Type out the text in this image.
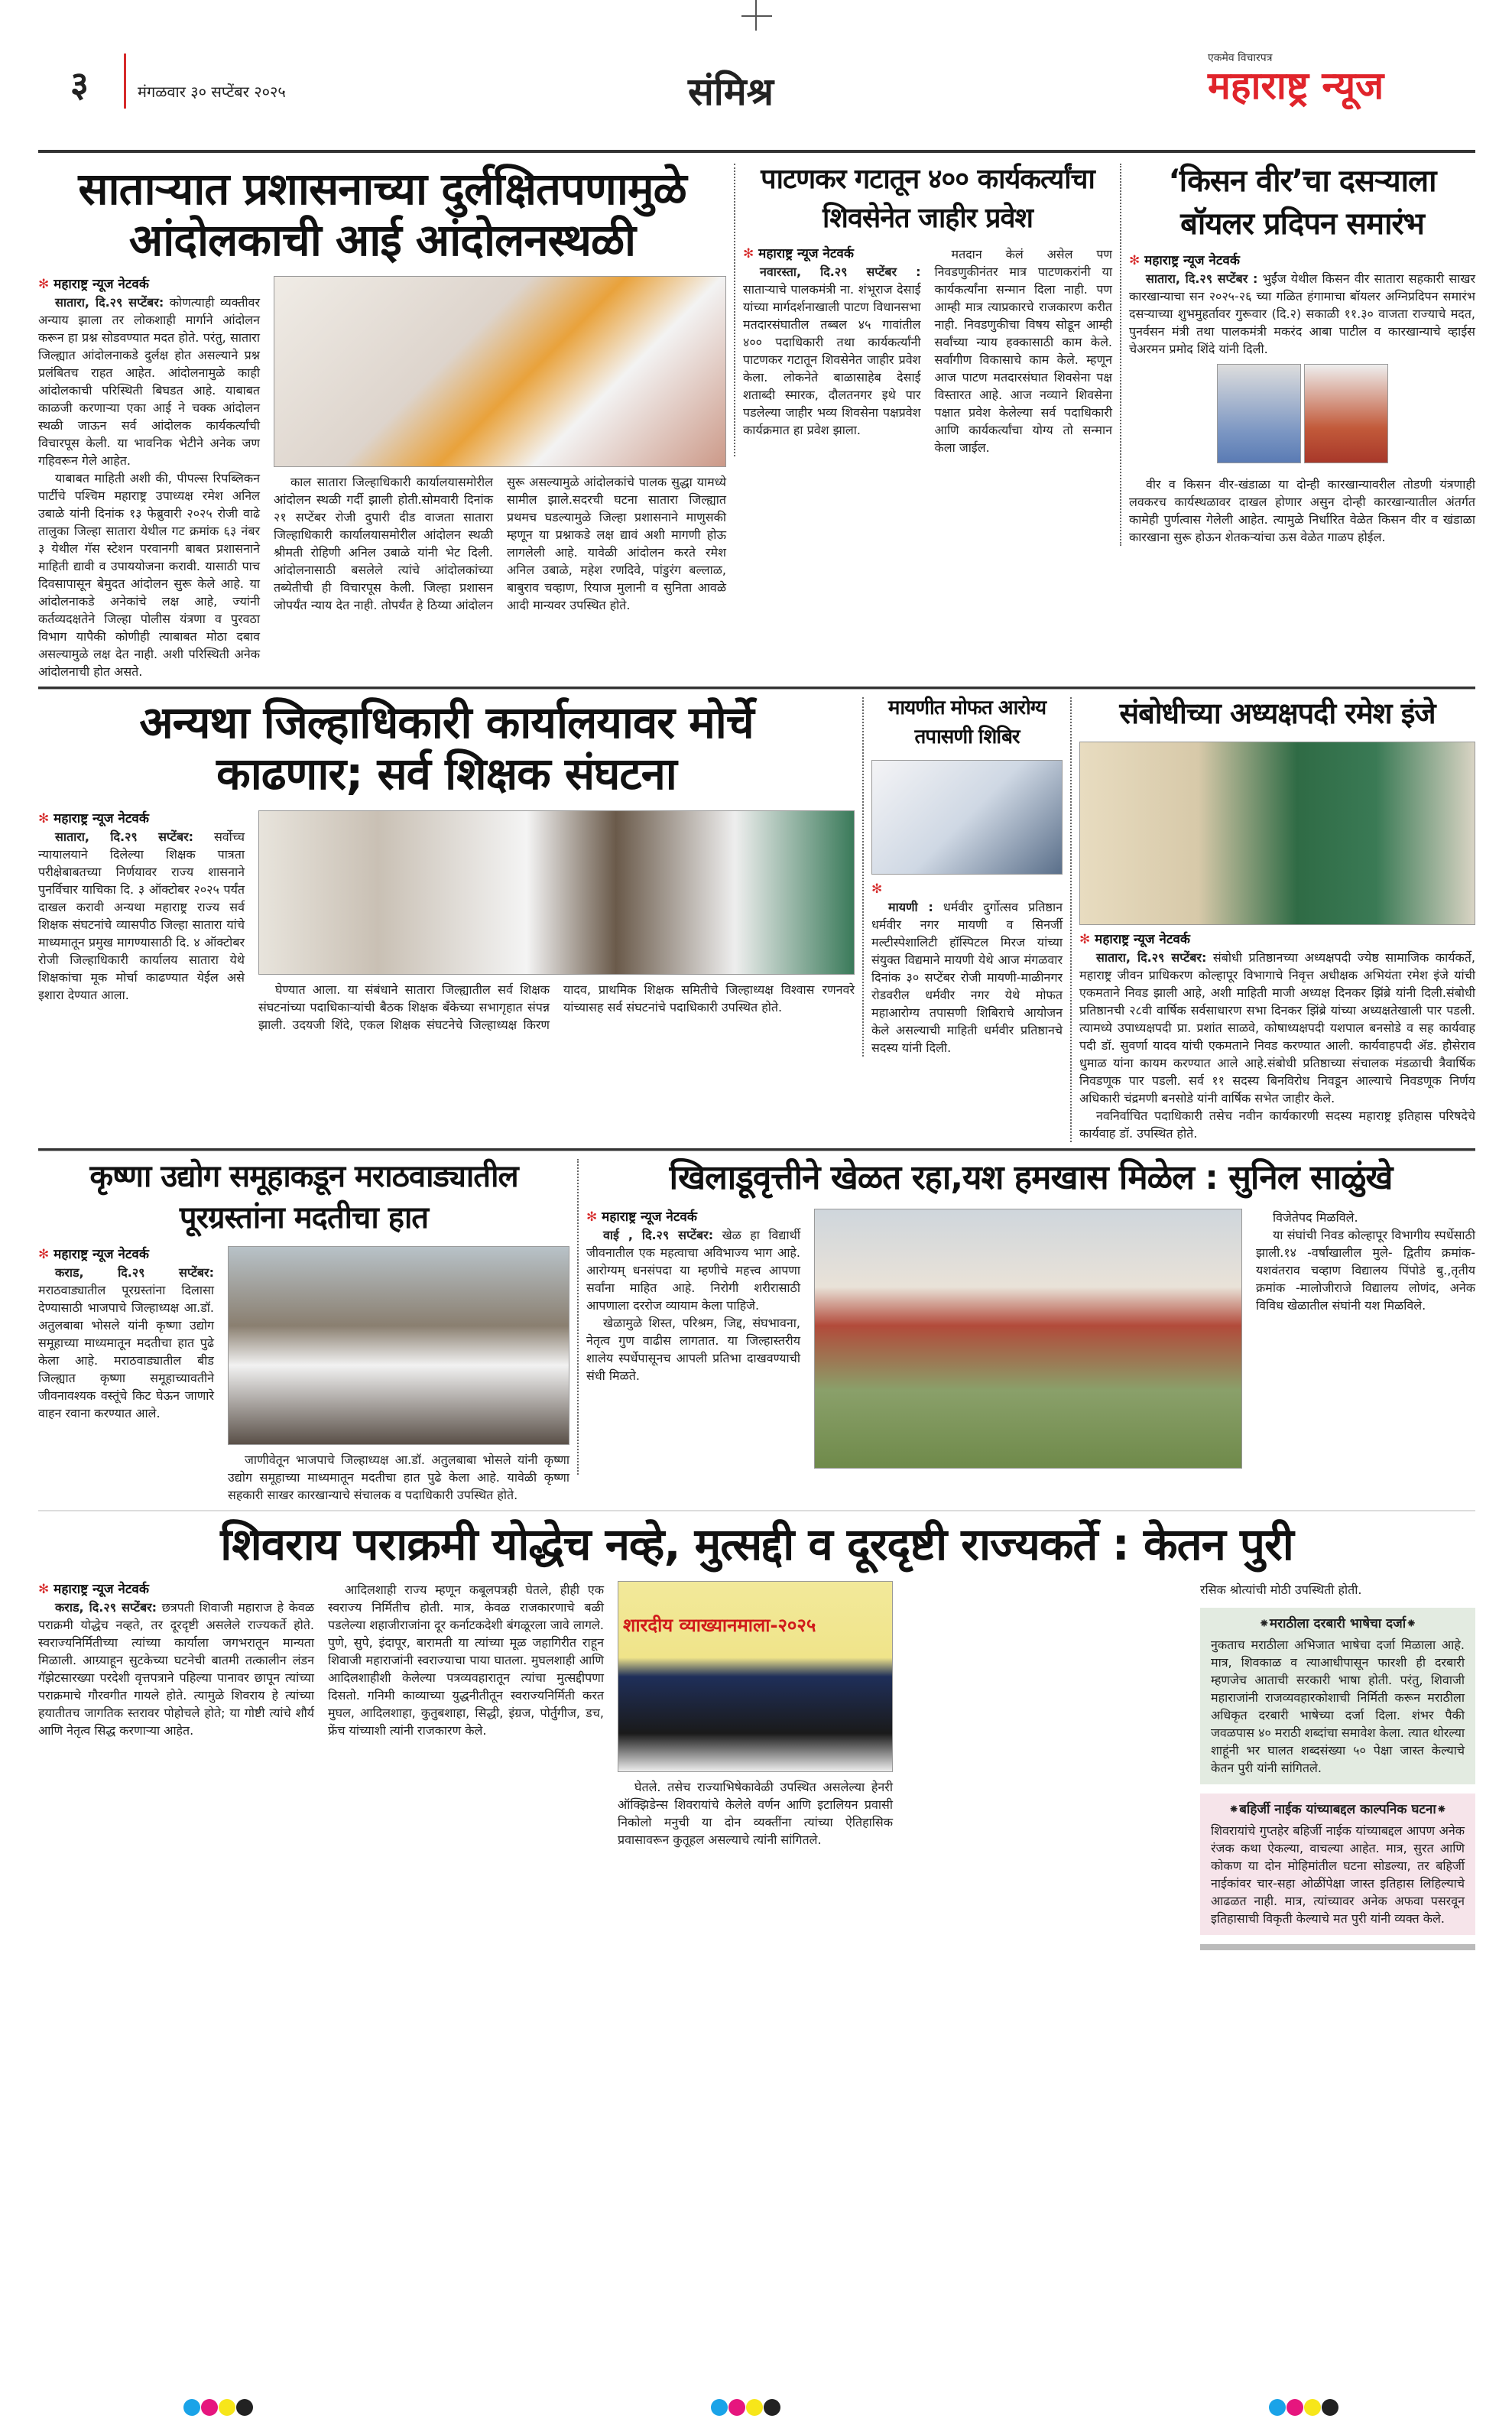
३	मंगळवार ३० सप्टेंबर २०२५	संमिश्र
एकमेव विचारपत्र
महाराष्ट्र न्यूज
साताऱ्यात प्रशासनाच्या दुर्लक्षितपणामुळे
आंदोलकाची आई आंदोलनस्थळी

✻ महाराष्ट्र न्यूज नेटवर्क

सातारा, दि.२९ सप्टेंबर: कोणत्याही व्यक्तीवर अन्याय झाला तर लोकशाही मार्गाने आंदोलन करून हा प्रश्न सोडवण्यात मदत होते. परंतु, सातारा जिल्ह्यात आंदोलनाकडे दुर्लक्ष होत असल्याने प्रश्न प्रलंबितच राहत आहेत. आंदोलनामुळे काही आंदोलकाची परिस्थिती बिघडत आहे. याबाबत काळजी करणाऱ्या एका आई ने चक्क आंदोलन स्थळी जाऊन सर्व आंदोलक कार्यकर्त्यांची विचारपूस केली. या भावनिक भेटीने अनेक जण गहिवरून गेले आहेत.

याबाबत माहिती अशी की, पीपल्स रिपब्लिकन पार्टीचे पश्चिम महाराष्ट्र उपाध्यक्ष रमेश अनिल उबाळे यांनी दिनांक १३ फेब्रुवारी २०२५ रोजी वाढे तालुका जिल्हा सातारा येथील गट क्रमांक ६३ नंबर ३ येथील गॅस स्टेशन परवानगी बाबत प्रशासनाने माहिती द्यावी व उपाययोजना करावी. यासाठी पाच दिवसापासून बेमुदत आंदोलन सुरू केले आहे. या आंदोलनाकडे अनेकांचे लक्ष आहे, ज्यांनी कर्तव्यदक्षतेने जिल्हा पोलीस यंत्रणा व पुरवठा विभाग यापैकी कोणीही त्याबाबत मोठा दबाव असल्यामुळे लक्ष देत नाही. अशी परिस्थिती अनेक आंदोलनाची होत असते.

काल सातारा जिल्हाधिकारी कार्यालयासमोरील आंदोलन स्थळी गर्दी झाली होती.सोमवारी दिनांक २१ सप्टेंबर रोजी दुपारी दीड वाजता सातारा जिल्हाधिकारी कार्यालयासमोरील आंदोलन स्थळी श्रीमती रोहिणी अनिल उबाळे यांनी भेट दिली. आंदोलनासाठी बसलेले त्यांचे आंदोलकांच्या तब्येतीची ही विचारपूस केली. जिल्हा प्रशासन जोपर्यंत न्याय देत नाही. तोपर्यंत हे ठिय्या आंदोलन सुरू असल्यामुळे आंदोलकांचे पालक सुद्धा यामध्ये सामील झाले.सदरची घटना सातारा जिल्ह्यात प्रथमच घडल्यामुळे जिल्हा प्रशासनाने माणुसकी म्हणून या प्रश्नाकडे लक्ष द्यावं अशी मागणी होऊ लागलेली आहे. यावेळी आंदोलन करते रमेश अनिल उबाळे, महेश रणदिवे, पांडुरंग बल्लाळ, बाबुराव चव्हाण, रियाज मुलानी व सुनिता आवळे आदी मान्यवर उपस्थित होते.

पाटणकर गटातून ४०० कार्यकर्त्यांचा
शिवसेनेत जाहीर प्रवेश

✻ महाराष्ट्र न्यूज नेटवर्क

नवारस्ता, दि.२९ सप्टेंबर : साताऱ्याचे पालकमंत्री ना. शंभूराज देसाई यांच्या मार्गदर्शनाखाली पाटण विधानसभा मतदारसंघातील तब्बल ४५ गावांतील ४०० पदाधिकारी तथा कार्यकर्त्यांनी पाटणकर गटातून शिवसेनेत जाहीर प्रवेश केला. लोकनेते बाळासाहेब देसाई शताब्दी स्मारक, दौलतनगर इथे पार पडलेल्या जाहीर भव्य शिवसेना पक्षप्रवेश कार्यक्रमात हा प्रवेश झाला.

मतदान केलं असेल पण निवडणुकीनंतर मात्र पाटणकरांनी या कार्यकर्त्यांना सन्मान दिला नाही. पण आम्ही मात्र त्याप्रकारचे राजकारण करीत नाही. निवडणुकीचा विषय सोडून आम्ही सर्वांच्या न्याय हक्कासाठी काम केले. सर्वांगीण विकासाचे काम केले. म्हणून आज पाटण मतदारसंघात शिवसेना पक्ष विस्तारत आहे. आज नव्याने शिवसेना पक्षात प्रवेश केलेल्या सर्व पदाधिकारी आणि कार्यकर्त्यांचा योग्य तो सन्मान केला जाईल.

‘किसन वीर’चा दसऱ्याला
बॉयलर प्रदिपन समारंभ

✻ महाराष्ट्र न्यूज नेटवर्क

सातारा, दि.२९ सप्टेंबर : भुईंज येथील किसन वीर सातारा सहकारी साखर कारखान्याचा सन २०२५-२६ च्या गळित हंगामाचा बॉयलर अग्निप्रदिपन समारंभ दसऱ्याच्या शुभमुहर्तावर गुरूवार (दि.२) सकाळी ११.३० वाजता राज्याचे मदत, पुनर्वसन मंत्री तथा पालकमंत्री मकरंद आबा पाटील व कारखान्याचे व्हाईस चेअरमन प्रमोद शिंदे यांनी दिली.

वीर व किसन वीर-खंडाळा या दोन्ही कारखान्यावरील तोडणी यंत्रणाही लवकरच कार्यस्थळावर दाखल होणार असुन दोन्ही कारखान्यातील अंतर्गत कामेही पुर्णत्वास गेलेली आहेत. त्यामुळे निर्धारित वेळेत किसन वीर व खंडाळा कारखाना सुरू होऊन शेतकऱ्यांचा ऊस वेळेत गाळप होईल.

अन्यथा जिल्हाधिकारी कार्यालयावर मोर्चे
काढणार; सर्व शिक्षक संघटना

✻ महाराष्ट्र न्यूज नेटवर्क

सातारा, दि.२९ सप्टेंबर: सर्वोच्च न्यायालयाने दिलेल्या शिक्षक पात्रता परीक्षेबाबतच्या निर्णयावर राज्य शासनाने पुनर्विचार याचिका दि. ३ ऑक्टोबर २०२५ पर्यंत दाखल करावी अन्यथा महाराष्ट्र राज्य सर्व शिक्षक संघटनांचे व्यासपीठ जिल्हा सातारा यांचे माध्यमातून प्रमुख मागण्यासाठी दि. ४ ऑक्टोबर रोजी जिल्हाधिकारी कार्यालय सातारा येथे शिक्षकांचा मूक मोर्चा काढण्यात येईल असे इशारा देण्यात आला.	घेण्यात आला. या संबंधाने सातारा जिल्ह्यातील सर्व शिक्षक संघटनांच्या पदाधिकाऱ्यांची बैठक शिक्षक बँकेच्या सभागृहात संपन्न झाली. उदयजी शिंदे, एकल शिक्षक संघटनेचे जिल्हाध्यक्ष किरण यादव, प्राथमिक शिक्षक समितीचे जिल्हाध्यक्ष विश्वास रणनवरे यांच्यासह सर्व संघटनांचे पदाधिकारी उपस्थित होते.

मायणीत मोफत आरोग्य
तपासणी शिबिर

✻

मायणी : धर्मवीर दुर्गोत्सव प्रतिष्ठान धर्मवीर नगर मायणी व सिनर्जी मल्टीस्पेशालिटी हॉस्पिटल मिरज यांच्या संयुक्त विद्यमाने मायणी येथे आज मंगळवार दिनांक ३० सप्टेंबर रोजी मायणी-माळीनगर रोडवरील धर्मवीर नगर येथे मोफत महाआरोग्य तपासणी शिबिराचे आयोजन केले असल्याची माहिती धर्मवीर प्रतिष्ठानचे सदस्य यांनी दिली.

संबोधीच्या अध्यक्षपदी रमेश इंजे

✻ महाराष्ट्र न्यूज नेटवर्क

सातारा, दि.२९ सप्टेंबर: संबोधी प्रतिष्ठानच्या अध्यक्षपदी ज्येष्ठ सामाजिक कार्यकर्ते, महाराष्ट्र जीवन प्राधिकरण कोल्हापूर विभागाचे निवृत्त अधीक्षक अभियंता रमेश इंजे यांची एकमताने निवड झाली आहे, अशी माहिती माजी अध्यक्ष दिनकर झिंब्रे यांनी दिली.संबोधी प्रतिष्ठानची २८वी वार्षिक सर्वसाधारण सभा दिनकर झिंब्रे यांच्या अध्यक्षतेखाली पार पडली. त्यामध्ये उपाध्यक्षपदी प्रा. प्रशांत साळवे, कोषाध्यक्षपदी यशपाल बनसोडे व सह कार्यवाह पदी डॉ. सुवर्णा यादव यांची एकमताने निवड करण्यात आली. कार्यवाहपदी ॲड. हौसेराव धुमाळ यांना कायम करण्यात आले आहे.संबोधी प्रतिष्ठाच्या संचालक मंडळाची त्रैवार्षिक निवडणूक पार पडली. सर्व ११ सदस्य बिनविरोध निवडून आल्याचे निवडणूक निर्णय अधिकारी चंद्रमणी बनसोडे यांनी वार्षिक सभेत जाहीर केले.

नवनिर्वाचित पदाधिकारी तसेच नवीन कार्यकारणी सदस्य महाराष्ट्र इतिहास परिषदेचे कार्यवाह डॉ. उपस्थित होते.

कृष्णा उद्योग समूहाकडून मराठवाड्यातील
पूरग्रस्तांना मदतीचा हात

✻ महाराष्ट्र न्यूज नेटवर्क

कराड, दि.२९ सप्टेंबर: मराठवाड्यातील पूरग्रस्तांना दिलासा देण्यासाठी भाजपाचे जिल्हाध्यक्ष आ.डॉ. अतुलबाबा भोसले यांनी कृष्णा उद्योग समूहाच्या माध्यमातून मदतीचा हात पुढे केला आहे. मराठवाड्यातील बीड जिल्ह्यात कृष्णा समूहाच्यावतीने जीवनावश्यक वस्तूंचे किट घेऊन जाणारे वाहन रवाना करण्यात आले.

जाणीवेतून भाजपाचे जिल्हाध्यक्ष आ.डॉ. अतुलबाबा भोसले यांनी कृष्णा उद्योग समूहाच्या माध्यमातून मदतीचा हात पुढे केला आहे. यावेळी कृष्णा सहकारी साखर कारखान्याचे संचालक व पदाधिकारी उपस्थित होते.

खिलाडूवृत्तीने खेळत रहा,यश हमखास मिळेल : सुनिल साळुंखे

✻ महाराष्ट्र न्यूज नेटवर्क

वाई , दि.२९ सप्टेंबर: खेळ हा विद्यार्थी जीवनातील एक महत्वाचा अविभाज्य भाग आहे. आरोग्यम् धनसंपदा या म्हणीचे महत्त्व आपणा सर्वांना माहित आहे. निरोगी शरीरासाठी आपणाला दररोज व्यायाम केला पाहिजे.

खेळामुळे शिस्त, परिश्रम, जिद्द, संघभावना, नेतृत्व गुण वाढीस लागतात. या जिल्हास्तरीय शालेय स्पर्धेपासूनच आपली प्रतिभा दाखवण्याची संधी मिळते.

विजेतेपद मिळविले.

या संघांची निवड कोल्हापूर विभागीय स्पर्धेसाठी झाली.१४ -वर्षांखालील मुले- द्वितीय क्रमांक- यशवंतराव चव्हाण विद्यालय पिंपोडे बु.,तृतीय क्रमांक -मालोजीराजे विद्यालय लोणंद, अनेक विविध खेळातील संघांनी यश मिळविले.

शिवराय पराक्रमी योद्धेच नव्हे, मुत्सद्दी व दूरदृष्टी राज्यकर्ते : केतन पुरी

✻ महाराष्ट्र न्यूज नेटवर्क

कराड, दि.२९ सप्टेंबर: छत्रपती शिवाजी महाराज हे केवळ पराक्रमी योद्धेच नव्हते, तर दूरदृष्टी असलेले राज्यकर्ते होते. स्वराज्यनिर्मितीच्या त्यांच्या कार्याला जगभरातून मान्यता मिळाली. आग्र्याहून सुटकेच्या घटनेची बातमी तत्कालीन लंडन गॅझेटसारख्या परदेशी वृत्तपत्राने पहिल्या पानावर छापून त्यांच्या पराक्रमाचे गौरवगीत गायले होते. त्यामुळे शिवराय हे त्यांच्या हयातीतच जागतिक स्तरावर पोहोचले होते; या गोष्टी त्यांचे शौर्य आणि नेतृत्व सिद्ध करणाऱ्या आहेत.

आदिलशाही राज्य म्हणून कबूलपत्रही घेतले, हीही एक स्वराज्य निर्मितीच होती. मात्र, केवळ राजकारणाचे बळी पडलेल्या शहाजीराजांना दूर कर्नाटकदेशी बंगळूरला जावे लागले. पुणे, सुपे, इंदापूर, बारामती या त्यांच्या मूळ जहागिरीत राहून शिवाजी महाराजांनी स्वराज्याचा पाया घातला. मुघलशाही आणि आदिलशाहीशी केलेल्या पत्रव्यवहारातून त्यांचा मुत्सद्दीपणा दिसतो. गनिमी काव्याच्या युद्धनीतीतून स्वराज्यनिर्मिती करत मुघल, आदिलशाहा, कुतुबशाहा, सिद्धी, इंग्रज, पोर्तुगीज, डच, फ्रेंच यांच्याशी त्यांनी राजकारण केले.

शारदीय व्याख्यानमाला-२०२५

घेतले. तसेच राज्याभिषेकावेळी उपस्थित असलेल्या हेनरी ऑक्झिडेन्स शिवरायांचे केलेले वर्णन आणि इटालियन प्रवासी निकोलो मनुची या दोन व्यक्तींना त्यांच्या ऐतिहासिक प्रवासावरून कुतूहल असल्याचे त्यांनी सांगितले.

रसिक श्रोत्यांची मोठी उपस्थिती होती.

⁕मराठीला दरबारी भाषेचा दर्जा⁕
नुकताच मराठीला अभिजात भाषेचा दर्जा मिळाला आहे. मात्र, शिवकाळ व त्याआधीपासून फारशी ही दरबारी म्हणजेच आताची सरकारी भाषा होती. परंतु, शिवाजी महाराजांनी राजव्यवहारकोशाची निर्मिती करून मराठीला अधिकृत दरबारी भाषेच्या दर्जा दिला. शंभर पैकी जवळपास ४० मराठी शब्दांचा समावेश केला. त्यात थोरल्या शाहूंनी भर घालत शब्दसंख्या ५० पेक्षा जास्त केल्याचे केतन पुरी यांनी सांगितले.
⁕बहिर्जी नाईक यांच्याबद्दल काल्पनिक घटना⁕
शिवरायांचे गुप्तहेर बहिर्जी नाईक यांच्याबद्दल आपण अनेक रंजक कथा ऐकल्या, वाचल्या आहेत. मात्र, सुरत आणि कोकण या दोन मोहिमांतील घटना सोडल्या, तर बहिर्जी नाईकांवर चार-सहा ओळींपेक्षा जास्त इतिहास लिहिल्याचे आढळत नाही. मात्र, त्यांच्यावर अनेक अफवा पसरवून इतिहासाची विकृती केल्याचे मत पुरी यांनी व्यक्त केले.
